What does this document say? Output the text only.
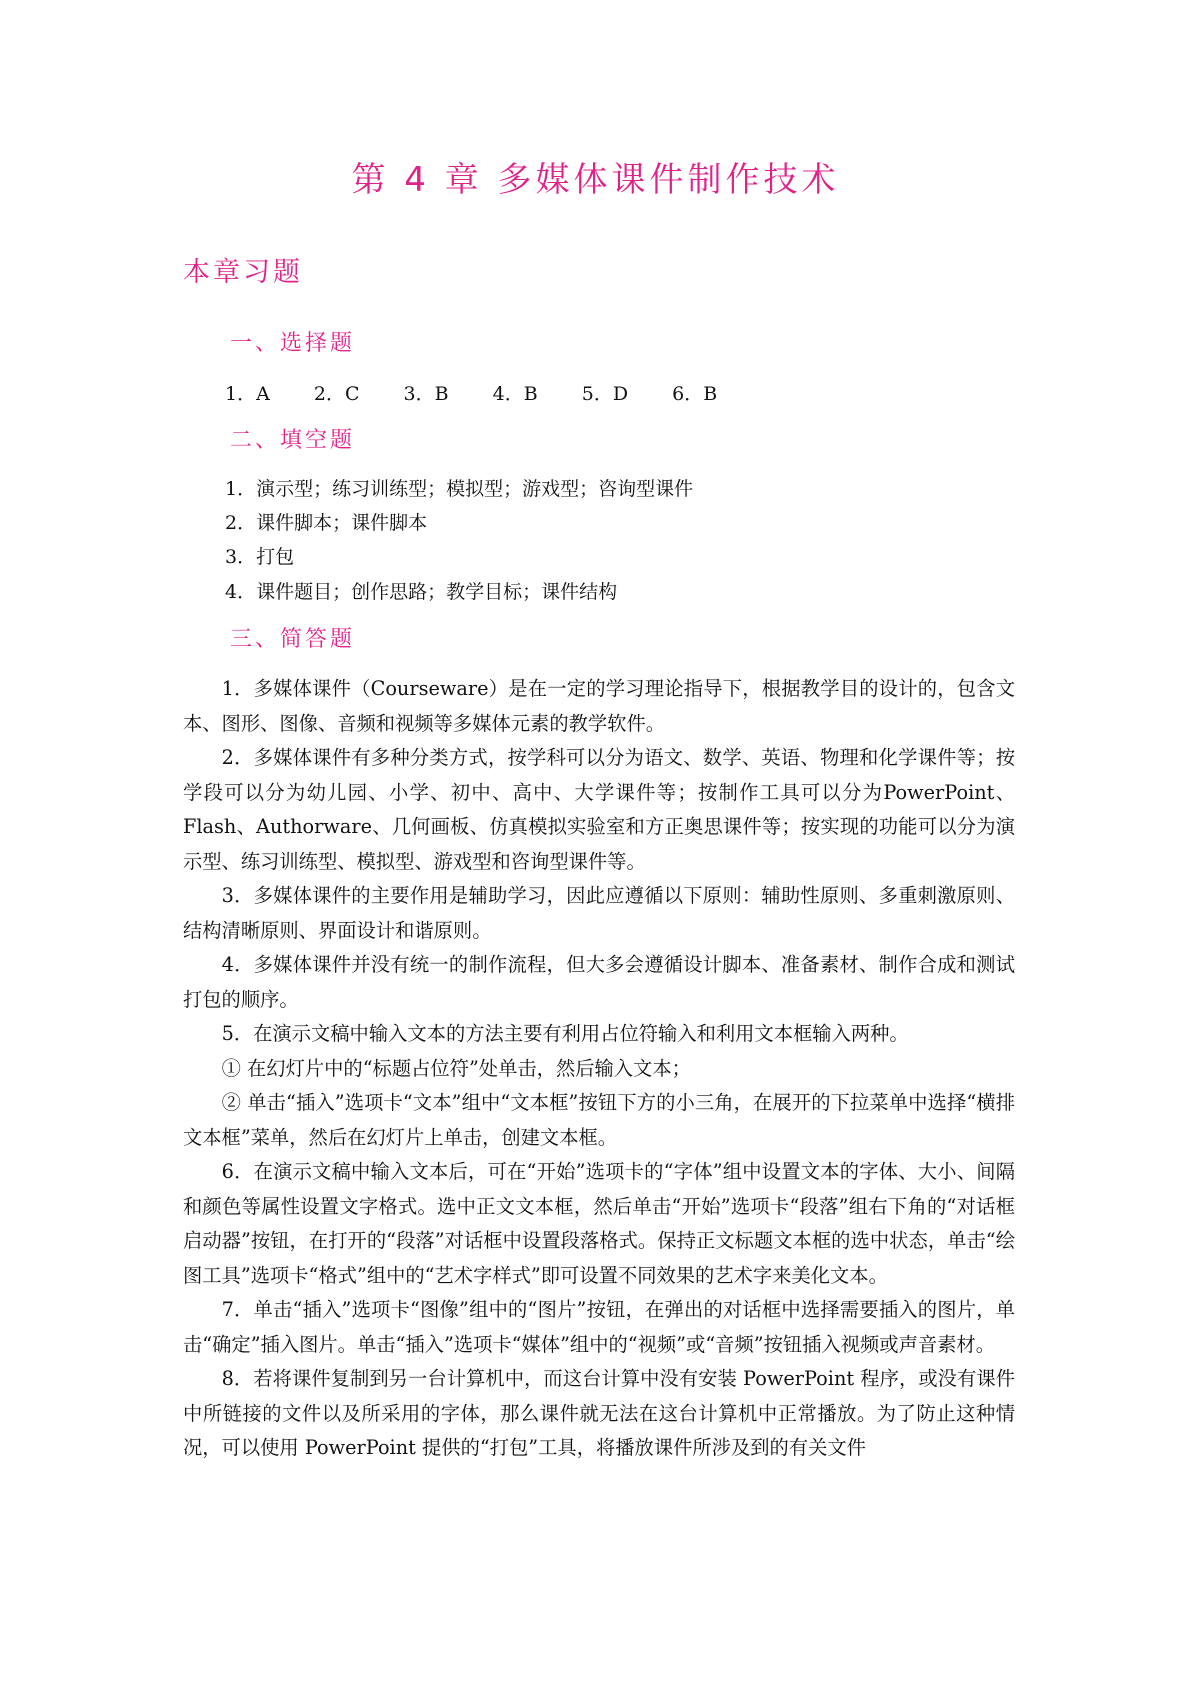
第 4 章 多媒体课件制作技术
本章习题
一、选择题
1．A 2．C 3．B 4．B 5．D 6．B
二、填空题
1．演示型；练习训练型；模拟型；游戏型；咨询型课件
2．课件脚本；课件脚本
3．打包
4．课件题目；创作思路；教学目标；课件结构
三、简答题

1．多媒体课件（Courseware）是在一定的学习理论指导下，根据教学目的设计的，包含文本、图形、图像、音频和视频等多媒体元素的教学软件。

2．多媒体课件有多种分类方式，按学科可以分为语文、数学、英语、物理和化学课件等；按学段可以分为幼儿园、小学、初中、高中、大学课件等；按制作工具可以分为PowerPoint、Flash、Authorware、几何画板、仿真模拟实验室和方正奥思课件等；按实现的功能可以分为演示型、练习训练型、模拟型、游戏型和咨询型课件等。

3．多媒体课件的主要作用是辅助学习，因此应遵循以下原则：辅助性原则、多重刺激原则、结构清晰原则、界面设计和谐原则。

4．多媒体课件并没有统一的制作流程，但大多会遵循设计脚本、准备素材、制作合成和测试打包的顺序。

5．在演示文稿中输入文本的方法主要有利用占位符输入和利用文本框输入两种。

① 在幻灯片中的“标题占位符”处单击，然后输入文本；

② 单击“插入”选项卡“文本”组中“文本框”按钮下方的小三角，在展开的下拉菜单中选择“横排文本框”菜单，然后在幻灯片上单击，创建文本框。

6．在演示文稿中输入文本后，可在“开始”选项卡的“字体”组中设置文本的字体、大小、间隔和颜色等属性设置文字格式。选中正文文本框，然后单击“开始”选项卡“段落”组右下角的“对话框启动器”按钮，在打开的“段落”对话框中设置段落格式。保持正文标题文本框的选中状态，单击“绘图工具”选项卡“格式”组中的“艺术字样式”即可设置不同效果的艺术字来美化文本。

7．单击“插入”选项卡“图像”组中的“图片”按钮，在弹出的对话框中选择需要插入的图片，单击“确定”插入图片。单击“插入”选项卡“媒体”组中的“视频”或“音频”按钮插入视频或声音素材。

8．若将课件复制到另一台计算机中，而这台计算中没有安装 PowerPoint 程序，或没有课件中所链接的文件以及所采用的字体，那么课件就无法在这台计算机中正常播放。为了防止这种情况，可以使用 PowerPoint 提供的“打包”工具，将播放课件所涉及到的有关文件
